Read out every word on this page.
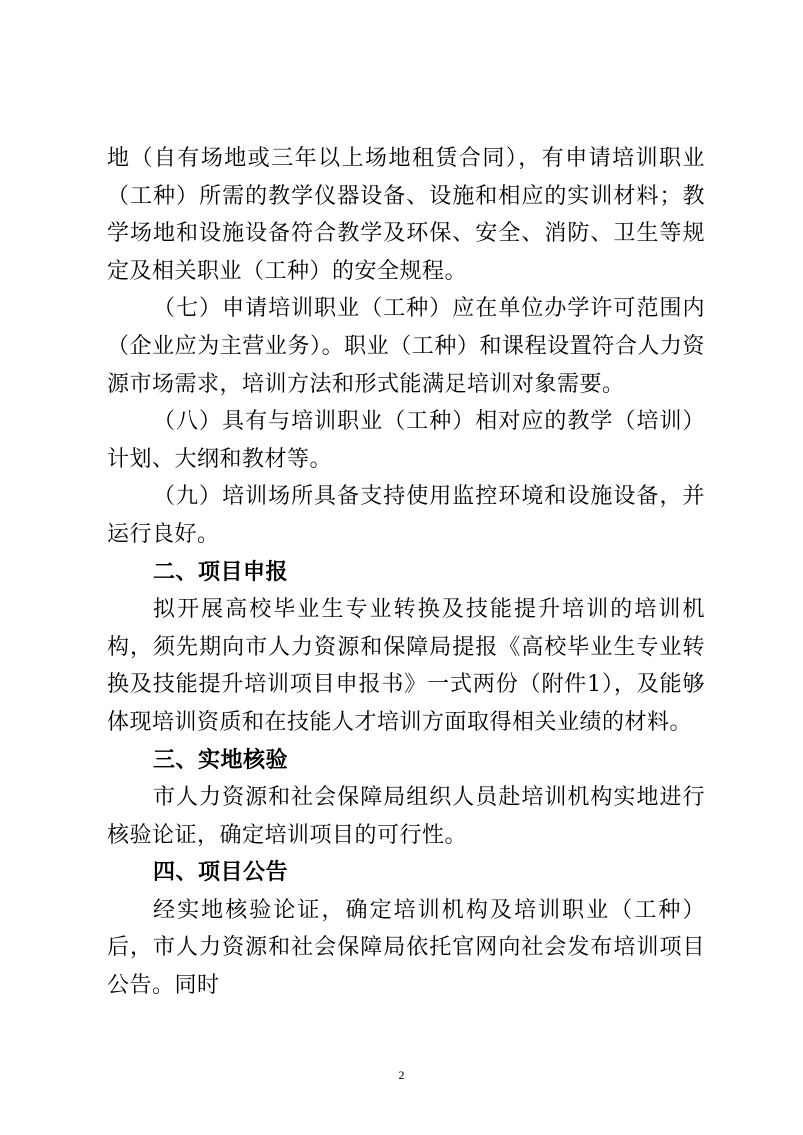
地（自有场地或三年以上场地租赁合同），有申请培训职业（工种）所需的教学仪器设备、设施和相应的实训材料；教学场地和设施设备符合教学及环保、安全、消防、卫生等规定及相关职业（工种）的安全规程。

（七）申请培训职业（工种）应在单位办学许可范围内（企业应为主营业务）。职业（工种）和课程设置符合人力资源市场需求，培训方法和形式能满足培训对象需要。

（八）具有与培训职业（工种）相对应的教学（培训）计划、大纲和教材等。

（九）培训场所具备支持使用监控环境和设施设备，并运行良好。

二、项目申报

拟开展高校毕业生专业转换及技能提升培训的培训机构，须先期向市人力资源和保障局提报《高校毕业生专业转换及技能提升培训项目申报书》一式两份（附件1），及能够体现培训资质和在技能人才培训方面取得相关业绩的材料。

三、实地核验

市人力资源和社会保障局组织人员赴培训机构实地进行核验论证，确定培训项目的可行性。

四、项目公告

经实地核验论证，确定培训机构及培训职业（工种）后，市人力资源和社会保障局依托官网向社会发布培训项目公告。同时

2
